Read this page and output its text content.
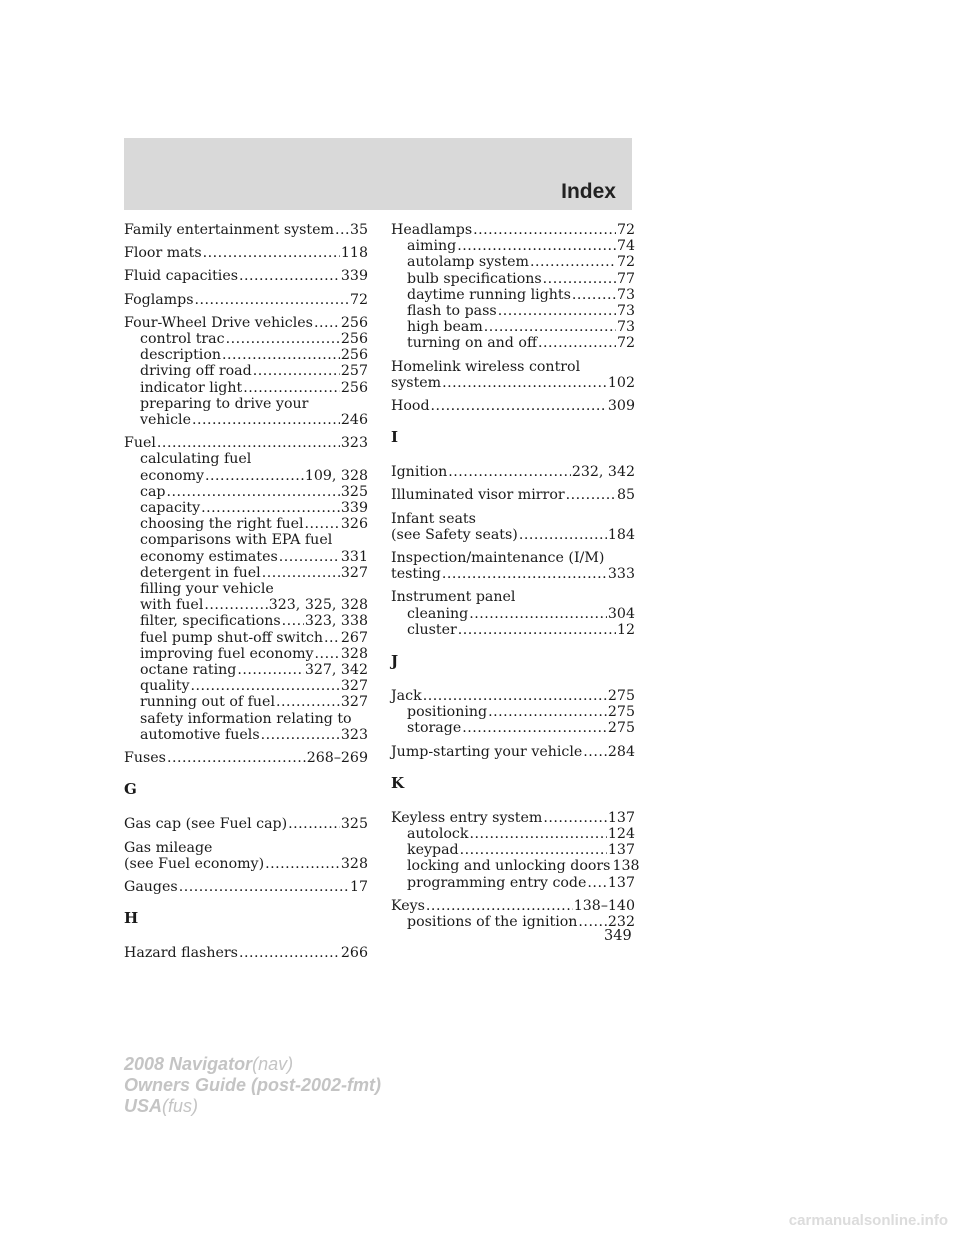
Index
Family entertainment system ..... 35
Floor mats .....	118
Fluid capacities .....	339
Foglamps .....	72
Four-Wheel Drive vehicles ..... 256
control trac .....	256
description .....	256
driving off road .....	257
indicator light .....	256
preparing to drive your
vehicle .....	246
Fuel .....	323
calculating fuel
economy .....	109, 328
cap .....	325
capacity .....	339
choosing the right fuel .....	326
comparisons with EPA fuel
economy estimates .....	331
detergent in fuel .....	327
filling your vehicle
with fuel .....	323, 325, 328
filter, specifications ..... 323, 338
fuel pump shut-off switch ..... 267
improving fuel economy ..... 328
octane rating .....	327, 342
quality .....	327
running out of fuel .....	327
safety information relating to
automotive fuels .....	323
Fuses .....	268–269
G
Gas cap (see Fuel cap) .....	325
Gas mileage
(see Fuel economy) .....	328
Gauges .....	17
H
Hazard flashers .....	266
Headlamps .....	72
aiming .....	74
autolamp system .....	72
bulb specifications .....	77
daytime running lights .....	73
flash to pass .....	73
high beam .....	73
turning on and off .....	72
Homelink wireless control
system .....	102
Hood .....	309
I
Ignition .....	232, 342
Illuminated visor mirror .....	85
Infant seats
(see Safety seats) .....	184
Inspection/maintenance (I/M)
testing .....	333
Instrument panel
cleaning .....	304
cluster .....	12
J
Jack .....	275
positioning .....	275
storage .....	275
Jump-starting your vehicle ..... 284
K
Keyless entry system .....	137
autolock .....	124
keypad .....	137
locking and unlocking doors 138
programming entry code ..... 137
Keys .....	138–140
positions of the ignition ..... 232
349
2008 Navigator(nav)
Owners Guide (post-2002-fmt)
USA(fus)
carmanualsonline.info
